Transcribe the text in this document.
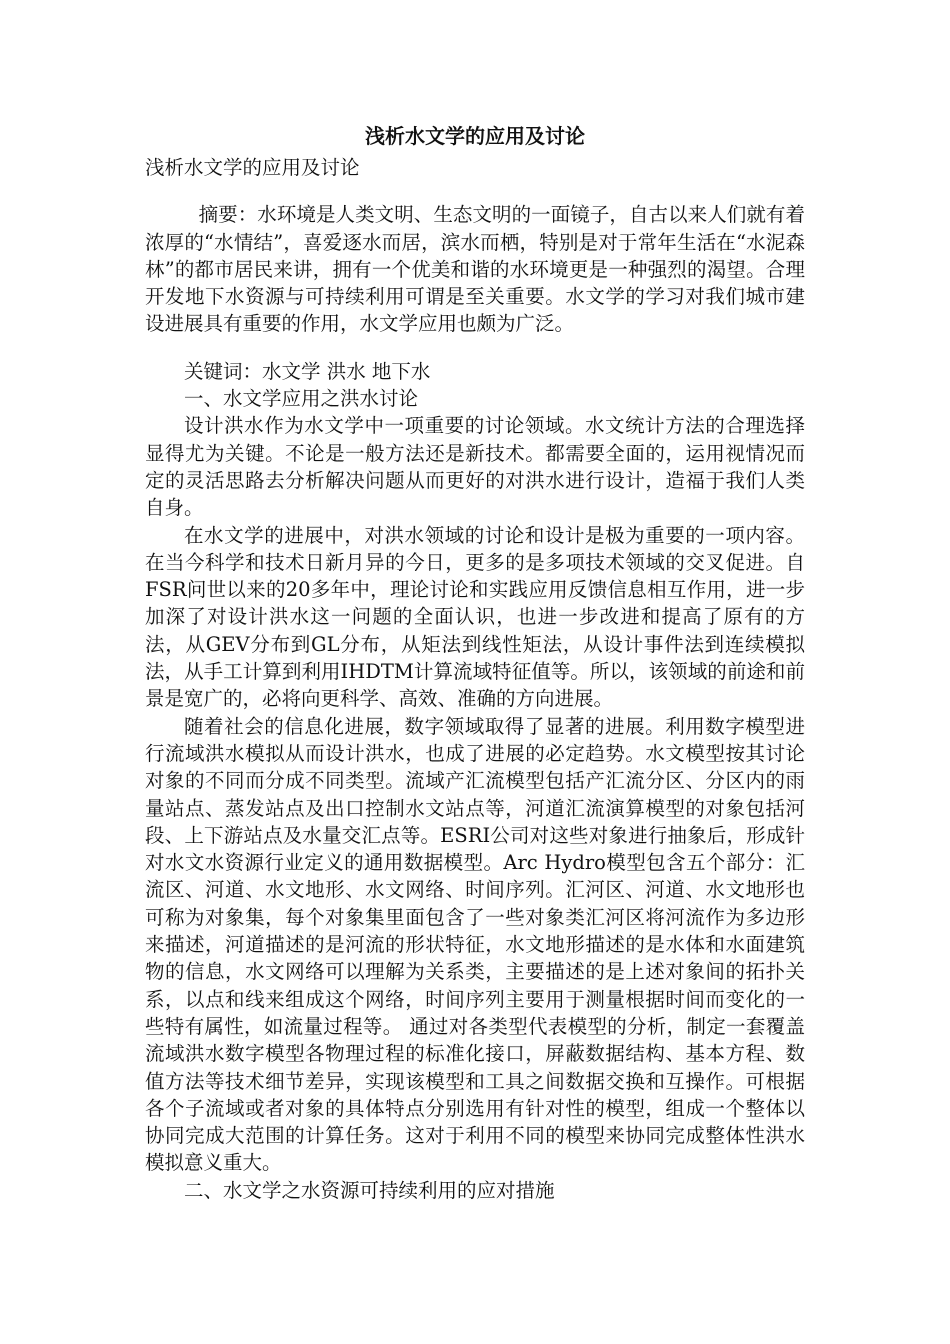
浅析水文学的应用及讨论
浅析水文学的应用及讨论

摘要：水环境是人类文明、生态文明的一面镜子，自古以来人们就有着浓厚的“水情结”，喜爱逐水而居，滨水而栖，特别是对于常年生活在“水泥森林”的都市居民来讲，拥有一个优美和谐的水环境更是一种强烈的渴望。合理开发地下水资源与可持续利用可谓是至关重要。水文学的学习对我们城市建设进展具有重要的作用，水文学应用也颇为广泛。

关键词：水文学 洪水 地下水

一、水文学应用之洪水讨论

设计洪水作为水文学中一项重要的讨论领域。水文统计方法的合理选择显得尤为关键。不论是一般方法还是新技术。都需要全面的，运用视情况而定的灵活思路去分析解决问题从而更好的对洪水进行设计，造福于我们人类自身。

在水文学的进展中，对洪水领域的讨论和设计是极为重要的一项内容。在当今科学和技术日新月异的今日，更多的是多项技术领域的交叉促进。自FSR问世以来的20多年中，理论讨论和实践应用反馈信息相互作用，进一步加深了对设计洪水这一问题的全面认识，也进一步改进和提高了原有的方法，从GEV分布到GL分布，从矩法到线性矩法，从设计事件法到连续模拟法，从手工计算到利用IHDTM计算流域特征值等。所以，该领域的前途和前景是宽广的，必将向更科学、高效、准确的方向进展。

随着社会的信息化进展，数字领域取得了显著的进展。利用数字模型进行流域洪水模拟从而设计洪水，也成了进展的必定趋势。水文模型按其讨论对象的不同而分成不同类型。流域产汇流模型包括产汇流分区、分区内的雨量站点、蒸发站点及出口控制水文站点等，河道汇流演算模型的对象包括河段、上下游站点及水量交汇点等。ESRI公司对这些对象进行抽象后，形成针对水文水资源行业定义的通用数据模型。Arc Hydro模型包含五个部分：汇流区、河道、水文地形、水文网络、时间序列。汇河区、河道、水文地形也可称为对象集，每个对象集里面包含了一些对象类汇河区将河流作为多边形来描述，河道描述的是河流的形状特征，水文地形描述的是水体和水面建筑物的信息，水文网络可以理解为关系类，主要描述的是上述对象间的拓扑关系，以点和线来组成这个网络，时间序列主要用于测量根据时间而变化的一些特有属性，如流量过程等。 通过对各类型代表模型的分析，制定一套覆盖流域洪水数字模型各物理过程的标准化接口，屏蔽数据结构、基本方程、数值方法等技术细节差异，实现该模型和工具之间数据交换和互操作。可根据各个子流域或者对象的具体特点分别选用有针对性的模型，组成一个整体以协同完成大范围的计算任务。这对于利用不同的模型来协同完成整体性洪水模拟意义重大。

二、水文学之水资源可持续利用的应对措施
